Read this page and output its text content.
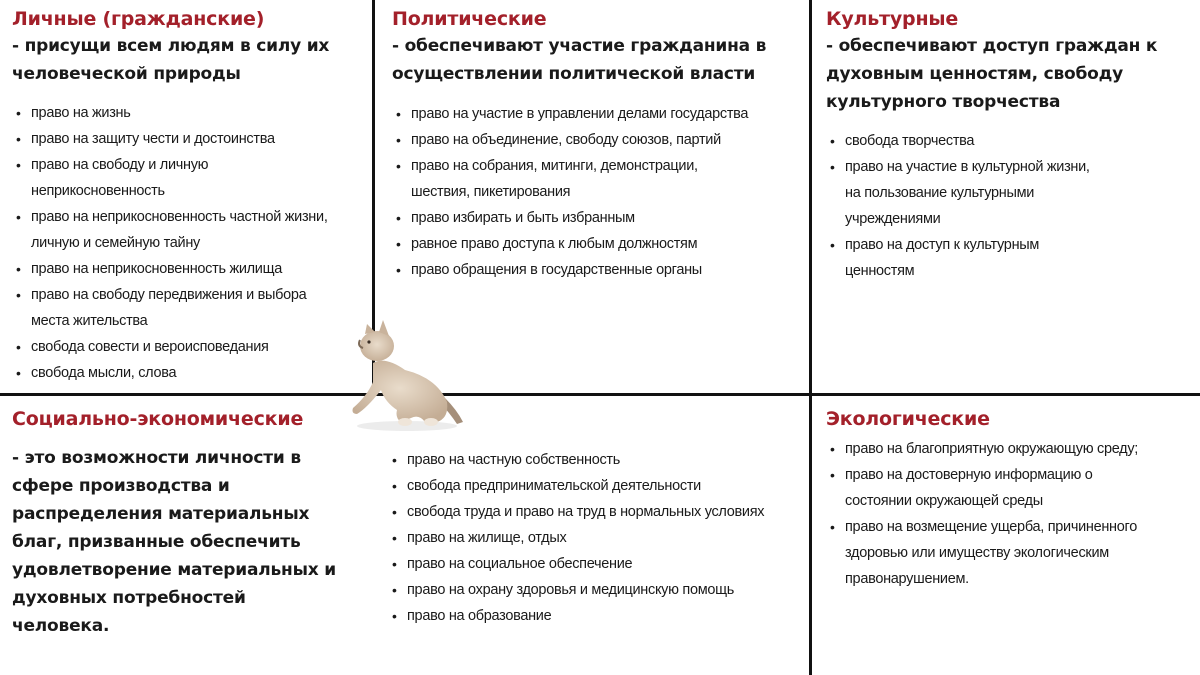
Личные (гражданские)

- присущи всем людям в силу их
человеческой природы

• право на жизнь
• право на защиту чести и достоинства
• право на свободу и личную
неприкосновенность
• право на неприкосновенность частной жизни,
личную и семейную тайну
• право на неприкосновенность жилища
• право на свободу передвижения и выбора
места жительства
• свобода совести и вероисповедания
• свобода мысли, слова
Политические

- обеспечивают участие гражданина в
осуществлении политической власти

• право на участие в управлении делами государства
• право на объединение, свободу союзов, партий
• право на собрания, митинги, демонстрации,
шествия, пикетирования
• право избирать и быть избранным
• равное право доступа к любым должностям
• право обращения в государственные органы
Культурные

- обеспечивают доступ граждан к
духовным ценностям, свободу
культурного творчества

• свобода творчества
• право на участие в культурной жизни,
на пользование культурными
учреждениями
• право на доступ к культурным
ценностям
Социально-экономические

- это возможности личности в
сфере производства и
распределения материальных
благ, призванные обеспечить
удовлетворение материальных и
духовных потребностей
человека.

• право на частную собственность
• свобода предпринимательской деятельности
• свобода труда и право на труд в нормальных условиях
• право на жилище, отдых
• право на социальное обеспечение
• право на охрану здоровья и медицинскую помощь
• право на образование
Экологические
• право на благоприятную окружающую среду;
• право на достоверную информацию о
состоянии окружающей среды
• право на возмещение ущерба, причиненного
здоровью или имуществу экологическим
правонарушением.
